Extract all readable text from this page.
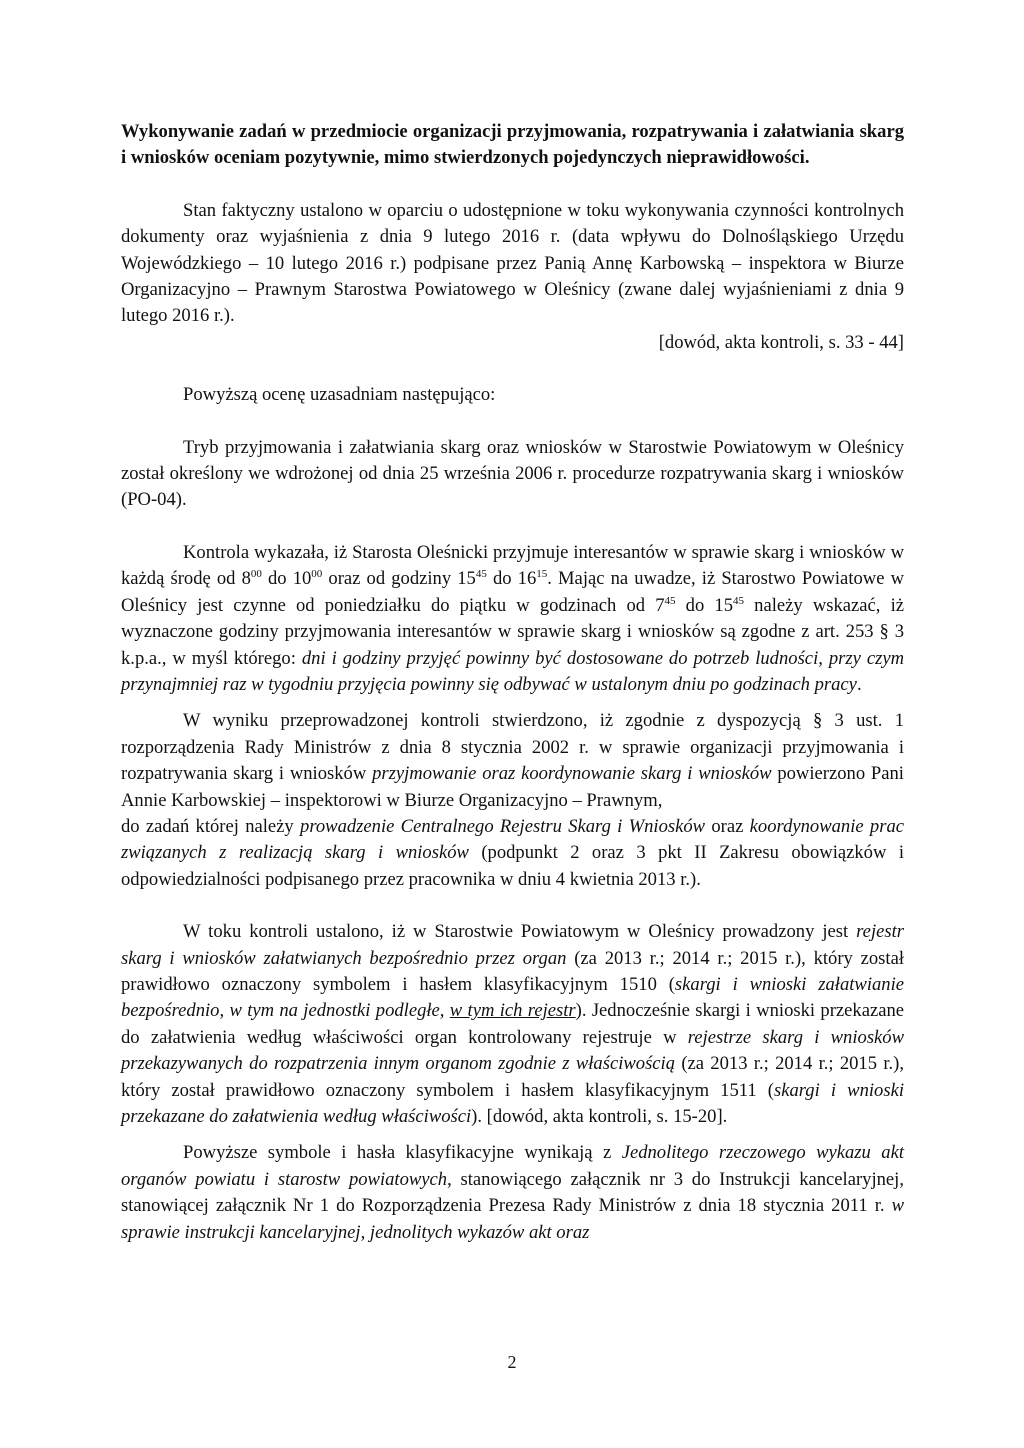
Wykonywanie zadań w przedmiocie organizacji przyjmowania, rozpatrywania i załatwiania skarg i wniosków oceniam pozytywnie, mimo stwierdzonych pojedynczych nieprawidłowości.

Stan faktyczny ustalono w oparciu o udostępnione w toku wykonywania czynności kontrolnych dokumenty oraz wyjaśnienia z dnia 9 lutego 2016 r. (data wpływu do Dolnośląskiego Urzędu Wojewódzkiego – 10 lutego 2016 r.) podpisane przez Panią Annę Karbowską – inspektora w Biurze Organizacyjno – Prawnym Starostwa Powiatowego w Oleśnicy (zwane dalej wyjaśnieniami z dnia 9 lutego 2016 r.).

[dowód, akta kontroli, s. 33 - 44]

Powyższą ocenę uzasadniam następująco:

Tryb przyjmowania i załatwiania skarg oraz wniosków w Starostwie Powiatowym w Oleśnicy został określony we wdrożonej od dnia 25 września 2006 r. procedurze rozpatrywania skarg i wniosków (PO-04).

Kontrola wykazała, iż Starosta Oleśnicki przyjmuje interesantów w sprawie skarg i wniosków w każdą środę od $8^{00}$ do $10^{00}$ oraz od godziny $15^{45}$ do $16^{15}$. Mając na uwadze, iż Starostwo Powiatowe w Oleśnicy jest czynne od poniedziałku do piątku w godzinach od $7^{45}$ do $15^{45}$ należy wskazać, iż wyznaczone godziny przyjmowania interesantów w sprawie skarg i wniosków są zgodne z art. 253 § 3 k.p.a., w myśl którego: dni i godziny przyjęć powinny być dostosowane do potrzeb ludności, przy czym przynajmniej raz w tygodniu przyjęcia powinny się odbywać w ustalonym dniu po godzinach pracy.

W wyniku przeprowadzonej kontroli stwierdzono, iż zgodnie z dyspozycją § 3 ust. 1 rozporządzenia Rady Ministrów z dnia 8 stycznia 2002 r. w sprawie organizacji przyjmowania i rozpatrywania skarg i wniosków przyjmowanie oraz koordynowanie skarg i wniosków powierzono Pani Annie Karbowskiej – inspektorowi w Biurze Organizacyjno – Prawnym,

do zadań której należy prowadzenie Centralnego Rejestru Skarg i Wniosków oraz koordynowanie prac związanych z realizacją skarg i wniosków (podpunkt 2 oraz 3 pkt II Zakresu obowiązków i odpowiedzialności podpisanego przez pracownika w dniu 4 kwietnia 2013 r.).

W toku kontroli ustalono, iż w Starostwie Powiatowym w Oleśnicy prowadzony jest rejestr skarg i wniosków załatwianych bezpośrednio przez organ (za 2013 r.; 2014 r.; 2015 r.), który został prawidłowo oznaczony symbolem i hasłem klasyfikacyjnym 1510 (skargi i wnioski załatwianie bezpośrednio, w tym na jednostki podległe, w tym ich rejestr). Jednocześnie skargi i wnioski przekazane do załatwienia według właściwości organ kontrolowany rejestruje w rejestrze skarg i wniosków przekazywanych do rozpatrzenia innym organom zgodnie z właściwością (za 2013 r.; 2014 r.; 2015 r.), który został prawidłowo oznaczony symbolem i hasłem klasyfikacyjnym 1511 (skargi i wnioski przekazane do załatwienia według właściwości). [dowód, akta kontroli, s. 15-20].

Powyższe symbole i hasła klasyfikacyjne wynikają z Jednolitego rzeczowego wykazu akt organów powiatu i starostw powiatowych, stanowiącego załącznik nr 3 do Instrukcji kancelaryjnej, stanowiącej załącznik Nr 1 do Rozporządzenia Prezesa Rady Ministrów z dnia 18 stycznia 2011 r. w sprawie instrukcji kancelaryjnej, jednolitych wykazów akt oraz

2
